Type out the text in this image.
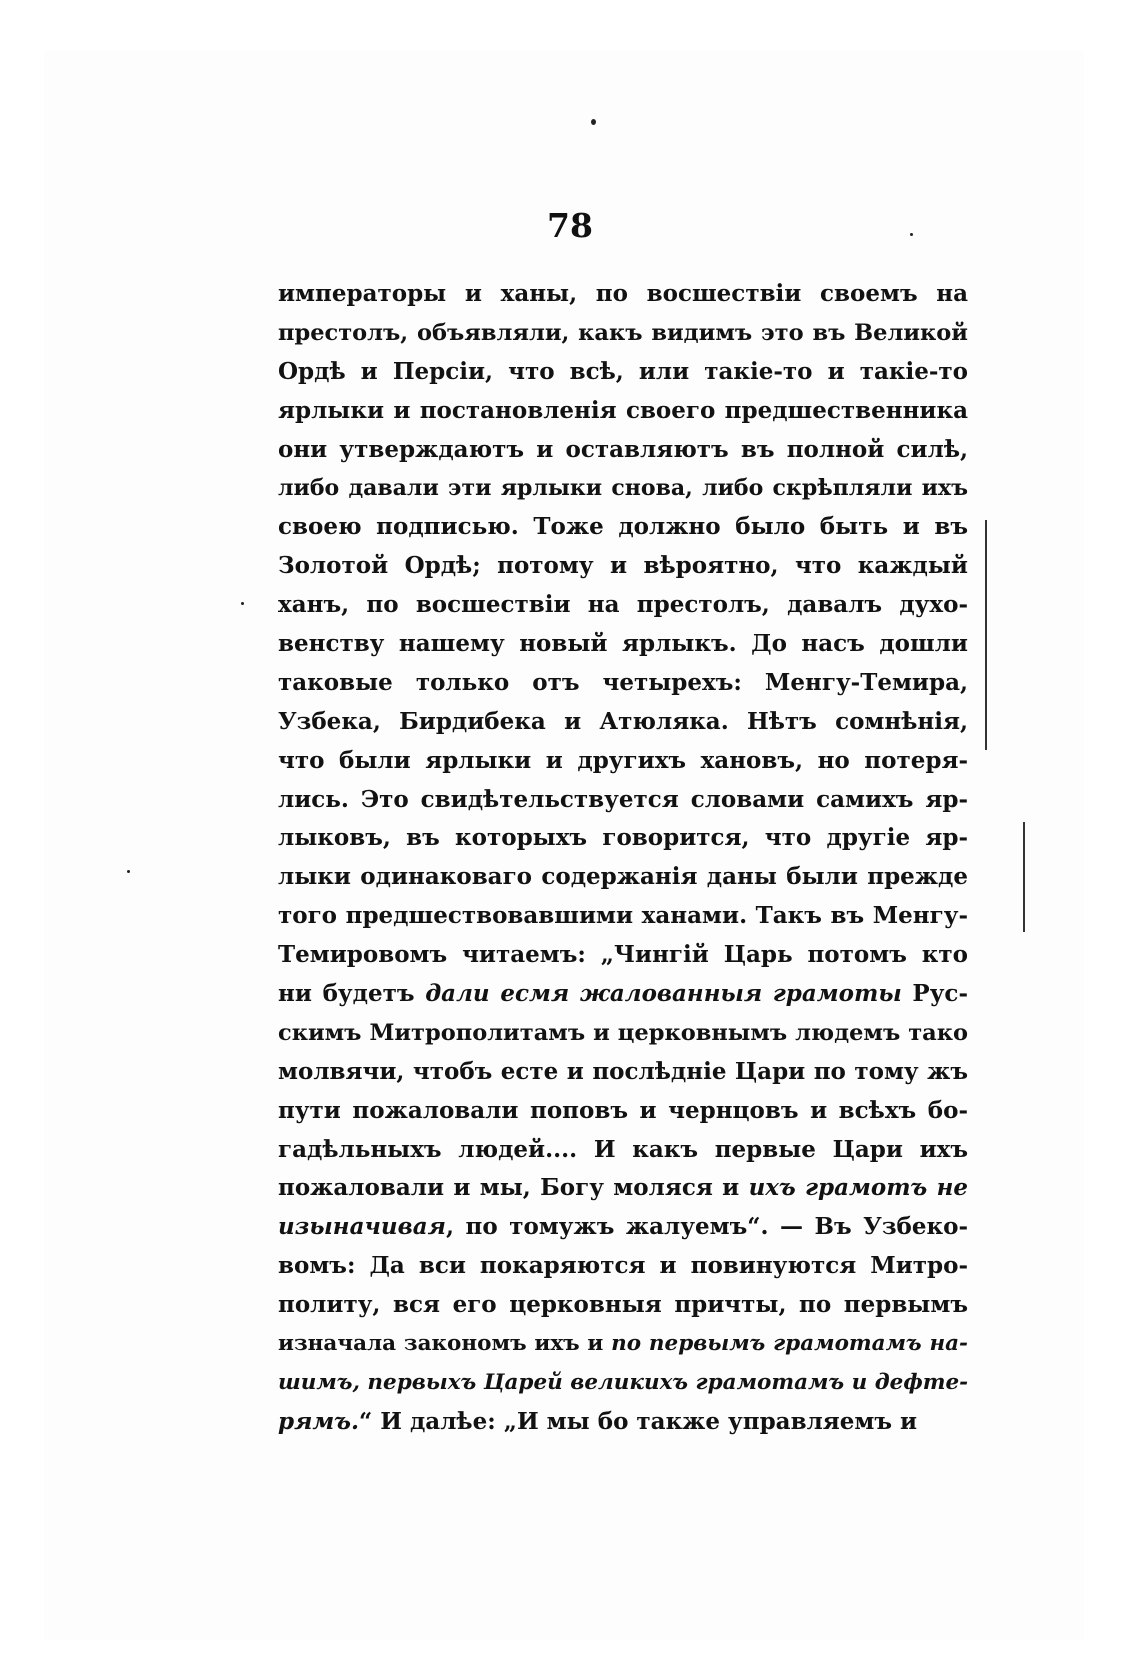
78
императоры и ханы, по восшествіи своемъ на
престолъ, объявляли, какъ видимъ это въ Великой
Ордѣ и Персіи, что всѣ, или такіе-то и такіе-то
ярлыки и постановленія своего предшественника
они утверждаютъ и оставляютъ въ полной силѣ,
либо давали эти ярлыки снова, либо скрѣпляли ихъ
своею подписью. Тоже должно было быть и въ
Золотой Ордѣ; потому и вѣроятно, что каждый
ханъ, по восшествіи на престолъ, давалъ духо-
венству нашему новый ярлыкъ. До насъ дошли
таковые только отъ четырехъ: Менгу-Темира,
Узбека, Бирдибека и Атюляка. Нѣтъ сомнѣнія,
что были ярлыки и другихъ хановъ, но потеря-
лись. Это свидѣтельствуется словами самихъ яр-
лыковъ, въ которыхъ говорится, что другіе яр-
лыки одинаковаго содержанія даны были прежде
того предшествовавшими ханами. Такъ въ Менгу-
Темировомъ читаемъ: „Чингій Царь потомъ кто
ни будетъ дали есмя жалованныя грамоты Рус-
скимъ Митрополитамъ и церковнымъ людемъ тако
молвячи, чтобъ есте и послѣдніе Цари по тому жъ
пути пожаловали поповъ и чернцовъ и всѣхъ бо-
гадѣльныхъ людей.... И какъ первые Цари ихъ
пожаловали и мы, Богу моляся и ихъ грамотъ не
изыначивая, по томужъ жалуемъ“. — Въ Узбеко-
вомъ: Да вси покаряются и повинуются Митро-
политу, вся его церковныя причты, по первымъ
изначала закономъ ихъ и по первымъ грамотамъ на-
шимъ, первыхъ Царей великихъ грамотамъ и дефте-
рямъ.“ И далѣе: „И мы бо также управляемъ и
